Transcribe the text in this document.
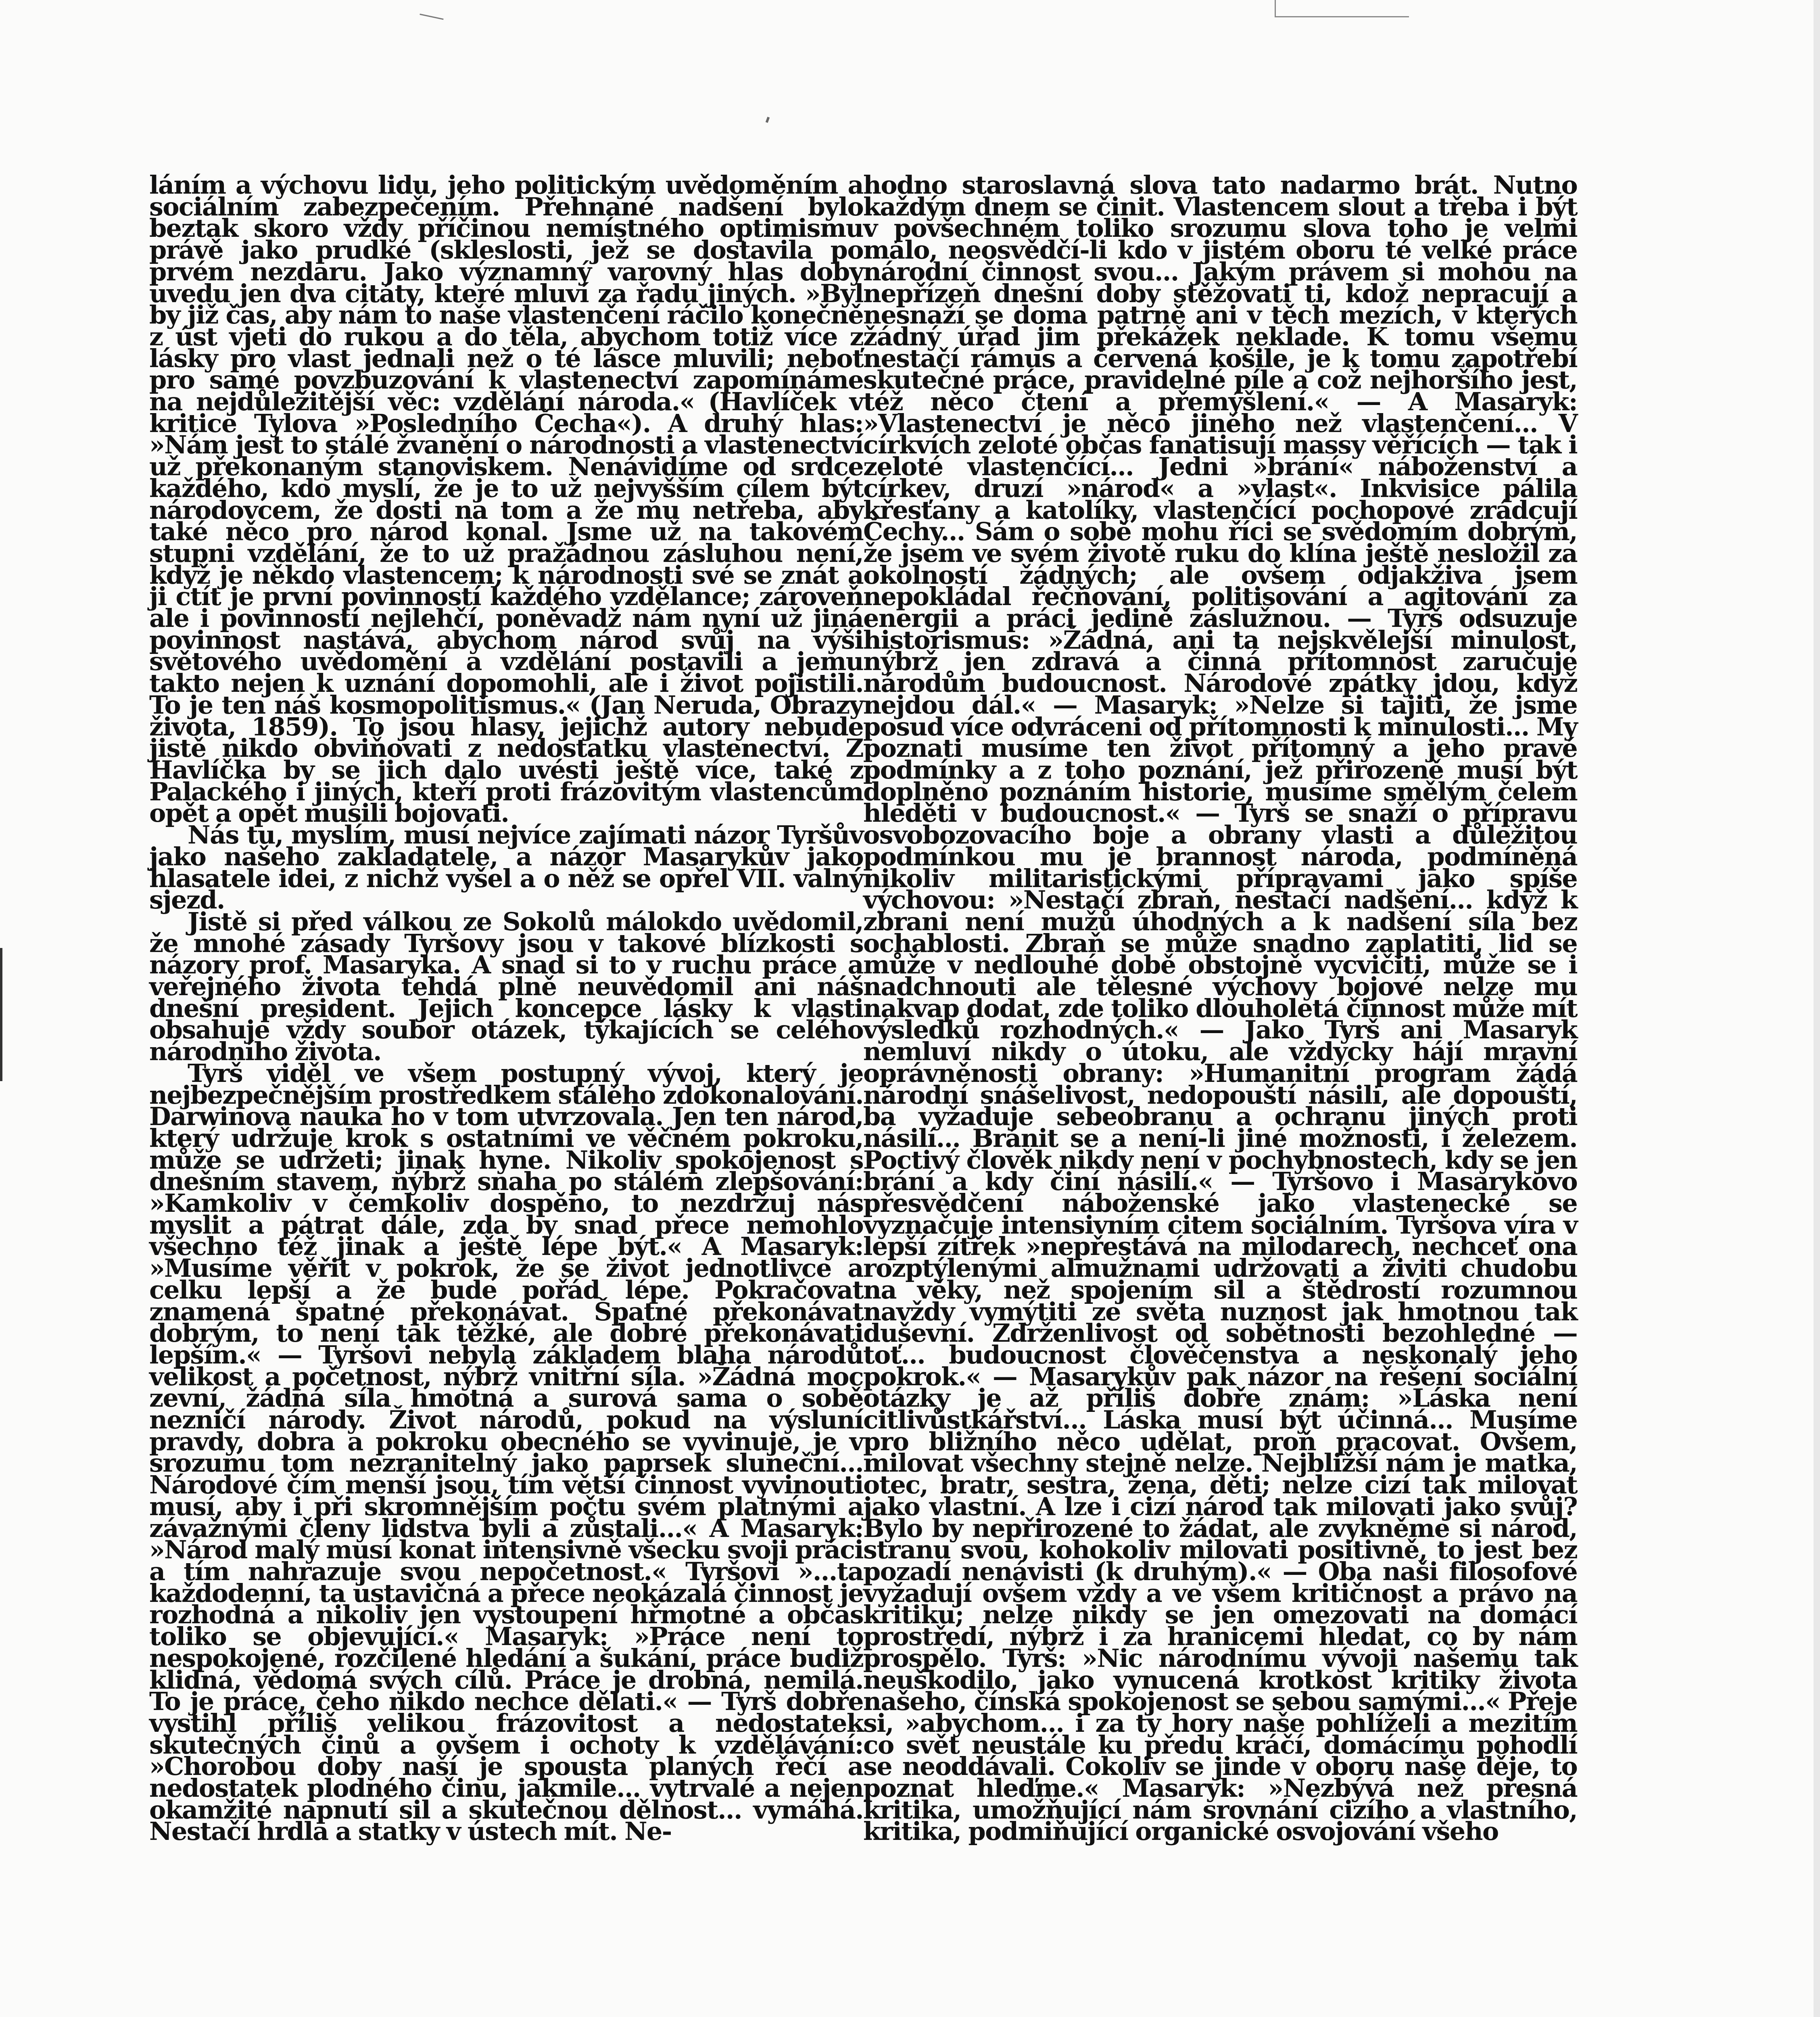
láním a výchovu lidu, jeho politickým uvědoměním a sociálním zabezpečením. Přehnané nadšení bylo beztak skoro vždy příčinou nemístného optimismu právě jako prudké (skleslosti, jež se dostavila po prvém nezdaru. Jako významný varovný hlas doby uvedu jen dva citáty, které mluví za řadu jiných. »Byl by již čas, aby nám to naše vlastenčení ráčilo konečně z úst vjeti do rukou a do těla, abychom totiž více z lásky pro vlast jednali než o té lásce mluvili; neboť pro samé povzbuzování k vlastenectví zapomínáme na nejdůležitější věc: vzdělání národa.« (Havlíček v kritice Tylova »Posledního Čecha«). A druhý hlas: »Nám jest to stálé žvanění o národnosti a vlastenectví už překonaným stanoviskem. Nenávidíme od srdce každého, kdo myslí, že je to už nejvyšším cílem být národovcem, že dosti na tom a že mu netřeba, aby také něco pro národ konal. Jsme už na takovém stupni vzdělání, že to už pražádnou zásluhou není, když je někdo vlastencem; k národnosti své se znát a ji ctít je první povinností každého vzdělance; zároveň ale i povinností nejlehčí, poněvadž nám nyní už jiná povinnost nastává, abychom národ svůj na výši světového uvědomění a vzdělání postavili a jemu takto nejen k uznání dopomohli, ale i život pojistili. To je ten náš kosmopolitismus.« (Jan Neruda, Obrazy života, 1859). To jsou hlasy, jejichž autory nebude jistě nikdo obviňovati z nedostatku vlastenectví. Z Havlíčka by se jich dalo uvésti ještě více, také z Palackého i jiných, kteří proti frázovitým vlastencům opět a opět musili bojovati.

Nás tu, myslím, musí nejvíce zajímati názor Tyršův jako našeho zakladatele, a názor Masarykův jako hlasatele idei, z nichž vyšel a o něž se opřel VII. valný sjezd.

Jistě si před válkou ze Sokolů málokdo uvědomil, že mnohé zásady Tyršovy jsou v takové blízkosti s názory prof. Masaryka. A snad si to v ruchu práce a veřejného života tehdá plně neuvědomil ani náš dnešní president. Jejich koncepce lásky k vlasti obsahuje vždy soubor otázek, týkajících se celého národního života.

Tyrš viděl ve všem postupný vývoj, který je nejbezpečnějším prostředkem stálého zdokonalování. Darwinova nauka ho v tom utvrzovala. Jen ten národ, který udržuje krok s ostatními ve věčném pokroku, může se udržeti; jinak hyne. Nikoliv spokojenost s dnešním stavem, nýbrž snaha po stálém zlepšování: »Kamkoliv v čemkoliv dospěno, to nezdržuj nás myslit a pátrat dále, zda by snad přece nemohlo všechno též jinak a ještě lépe být.« A Masaryk: »Musíme věřit v pokrok, že se život jednotlivce a celku lepší a že bude pořád lépe. Pokračovat znamená špatné překonávat. Špatné překonávat dobrým, to není tak těžké, ale dobré překonávati lepším.« — Tyršovi nebyla základem blaha národů velikost a početnost, nýbrž vnitřní síla. »Žádná moc zevní, žádná síla hmotná a surová sama o sobě nezničí národy. Život národů, pokud na výsluní pravdy, dobra a pokroku obecného se vyvinuje, je v srozumu tom nezranitelný jako paprsek sluneční... Národové čím menší jsou, tím větší činnost vyvinouti musí, aby i při skromnějším počtu svém platnými a závažnými členy lidstva byli a zůstali...« A Masaryk: »Národ malý musí konat intensivně všecku svoji práci a tím nahrazuje svou nepočetnost.« Tyršovi »...ta každodenní, ta ustavičná a přece neokázalá činnost je rozhodná a nikoliv jen vystoupení hřmotné a občas toliko se objevující.« Masaryk: »Práce není to nespokojené, rozčilené hledání a šukání, práce budiž klidná, vědomá svých cílů. Práce je drobná, nemilá. To je práce, čeho nikdo nechce dělati.« — Tyrš dobře vystihl příliš velikou frázovitost a nedostatek skutečných činů a ovšem i ochoty k vzdělávání: »Chorobou doby naší je spousta planých řečí a nedostatek plodného činu, jakmile... vytrvalé a nejen okamžité napnutí sil a skutečnou dělnost... vymáhá. Nestačí hrdla a statky v ústech mít. Ne-

hodno staroslavná slova tato nadarmo brát. Nutno každým dnem se činit. Vlastencem slout a třeba i být v povšechném toliko srozumu slova toho je velmi málo, neosvědčí-li kdo v jistém oboru té velké práce národní činnost svou... Jakým právem si mohou na nepřízeň dnešní doby stěžovati ti, kdož nepracují a nesnaží se doma patrně ani v těch mezích, v kterých žádný úřad jim překážek neklade. K tomu všemu nestačí rámus a červená košile, je k tomu zapotřebí skutečné práce, pravidelné píle a což nejhoršího jest, též něco čtení a přemýšlení.« — A Masaryk: »Vlastenectví je něco jiného než vlastenčení... V církvích zeloté občas fanatisují massy věřících — tak i zeloté vlastenčící... Jedni »brání« náboženství a církev, druzí »národ« a »vlast«. Inkvisice pálila křesťany a katolíky, vlastenčící pochopové zrádcují Čechy... Sám o sobě mohu říci se svědomím dobrým, že jsem ve svém životě ruku do klína ještě nesložil za okolností žádných; ale ovšem odjakživa jsem nepokládal řečňování, politisování a agitování za energii a práci jedině záslužnou. — Tyrš odsuzuje historismus: »Žádná, ani ta nejskvělejší minulost, nýbrž jen zdravá a činná přítomnost zaručuje národům budoucnost. Národové zpátky jdou, když nejdou dál.« — Masaryk: »Nelze si tajiti, že jsme posud více odvráceni od přítomnosti k minulosti... My poznati musíme ten život přítomný a jeho pravé podmínky a z toho poznání, jež přirozeně musí být doplněno poznáním historie, musíme smělým čelem hleděti v budoucnost.« — Tyrš se snaží o přípravu osvobozovacího boje a obrany vlasti a důležitou podmínkou mu je brannost národa, podmíněná nikoliv militaristickými přípravami jako spíše výchovou: »Nestačí zbraň, nestačí nadšení... když k zbrani není mužů úhodných a k nadšení síla bez ochablosti. Zbraň se může snadno zaplatiti, lid se může v nedlouhé době obstojně vycvičiti, může se i nadchnouti ale tělesné výchovy bojové nelze mu nakvap dodat, zde toliko dlouholetá činnost může mít výsledků rozhodných.« — Jako Tyrš ani Masaryk nemluví nikdy o útoku, ale vždycky hájí mravní oprávněnosti obrany: »Humanitní program žádá národní snášelivost, nedopouští násilí, ale dopouští, ba vyžaduje sebeobranu a ochranu jiných proti násilí... Bránit se a není-li jiné možnosti, i železem. Poctivý člověk nikdy není v pochybnostech, kdy se jen brání a kdy činí násilí.« — Tyršovo i Masarykovo přesvědčení náboženské jako vlastenecké se vyznačuje intensivním citem sociálním. Tyršova víra v lepší zítřek »nepřestává na milodarech, nechceť ona rozptýlenými almužnami udržovati a živiti chudobu na věky, než spojením sil a štědrostí rozumnou navždy vymýtiti ze světa nuznost jak hmotnou tak duševní. Zdrženlivost od sobětnosti bezohledné — toť... budoucnost člověčenstva a neskonalý jeho pokrok.« — Masarykův pak názor na řešení sociální otázky je až příliš dobře znám: »Láska není citlivůstkářství... Láska musí být účinná... Musíme pro bližního něco udělat, proň pracovat. Ovšem, milovat všechny stejně nelze. Nejbližší nám je matka, otec, bratr, sestra, žena, děti; nelze cizí tak milovat jako vlastní. A lze i cizí národ tak milovati jako svůj? Bylo by nepřirozené to žádat, ale zvykněme si národ, stranu svou, kohokoliv milovati positivně, to jest bez pozadí nenávisti (k druhým).« — Oba naši filosofové vyžadují ovšem vždy a ve všem kritičnost a právo na kritiku; nelze nikdy se jen omezovati na domácí prostředí, nýbrž i za hranicemi hledat, co by nám prospělo. Tyrš: »Nic národnímu vývoji našemu tak neuškodilo, jako vynucená krotkost kritiky života našeho, čínská spokojenost se sebou samými...« Přeje si, »abychom... i za ty hory naše pohlíželi a mezitím co svět neustále ku předu kráčí, domácímu pohodlí se neoddávali. Cokoliv se jinde v oboru naše děje, to poznat hleďme.« Masaryk: »Nezbývá než přesná kritika, umožňující nám srovnání cizího a vlastního, kritika, podmiňující organické osvojování všeho
